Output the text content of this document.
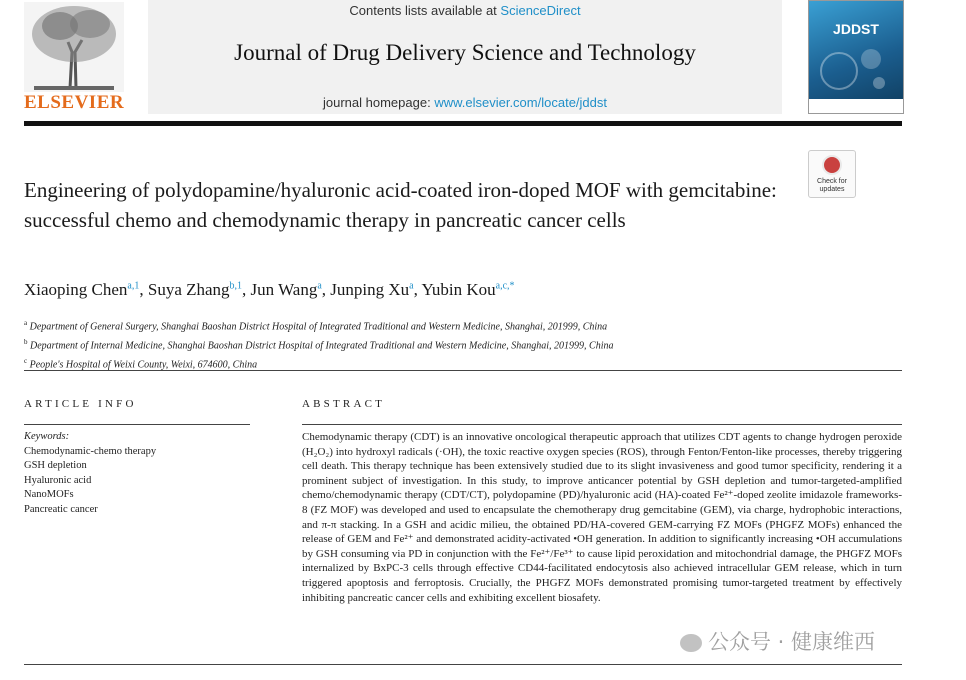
ELSEVIER
Contents lists available at ScienceDirect
Journal of Drug Delivery Science and Technology
journal homepage: www.elsevier.com/locate/jddst
JDDST
Check for updates
Engineering of polydopamine/hyaluronic acid-coated iron-doped MOF with gemcitabine: successful chemo and chemodynamic therapy in pancreatic cancer cells
Xiaoping Chen$^{a,1}$, Suya Zhang$^{b,1}$, Jun Wang$^a$, Junping Xu$^a$, Yubin Kou$^{a,c,*}$
$^a$ Department of General Surgery, Shanghai Baoshan District Hospital of Integrated Traditional and Western Medicine, Shanghai, 201999, China
$^b$ Department of Internal Medicine, Shanghai Baoshan District Hospital of Integrated Traditional and Western Medicine, Shanghai, 201999, China
$^c$ People's Hospital of Weixi County, Weixi, 674600, China
ARTICLE INFO	ABSTRACT
Keywords:
Chemodynamic-chemo therapy
GSH depletion
Hyaluronic acid
NanoMOFs
Pancreatic cancer

Chemodynamic therapy (CDT) is an innovative oncological therapeutic approach that utilizes CDT agents to change hydrogen peroxide (H₂O₂) into hydroxyl radicals (·OH), the toxic reactive oxygen species (ROS), through Fenton/Fenton-like processes, thereby triggering cell death. This therapy technique has been extensively studied due to its slight invasiveness and good tumor specificity, rendering it a prominent subject of investigation. In this study, to improve anticancer potential by GSH depletion and tumor-targeted-amplified chemo/chemodynamic therapy (CDT/CT), polydopamine (PD)/hyaluronic acid (HA)-coated Fe²⁺-doped zeolite imidazole frameworks-8 (FZ MOF) was developed and used to encapsulate the chemotherapy drug gemcitabine (GEM), via charge, hydrophobic interactions, and π-π stacking. In a GSH and acidic milieu, the obtained PD/HA-covered GEM-carrying FZ MOFs (PHGFZ MOFs) enhanced the release of GEM and Fe²⁺ and demonstrated acidity-activated •OH generation. In addition to significantly increasing •OH accumulations by GSH consuming via PD in conjunction with the Fe²⁺/Fe³⁺ to cause lipid peroxidation and mitochondrial damage, the PHGFZ MOFs internalized by BxPC-3 cells through effective CD44-facilitated endocytosis also achieved intracellular GEM release, which in turn triggered apoptosis and ferroptosis. Crucially, the PHGFZ MOFs demonstrated promising tumor-targeted treatment by effectively inhibiting pancreatic cancer cells and exhibiting excellent biosafety.

公众号 · 健康维西
